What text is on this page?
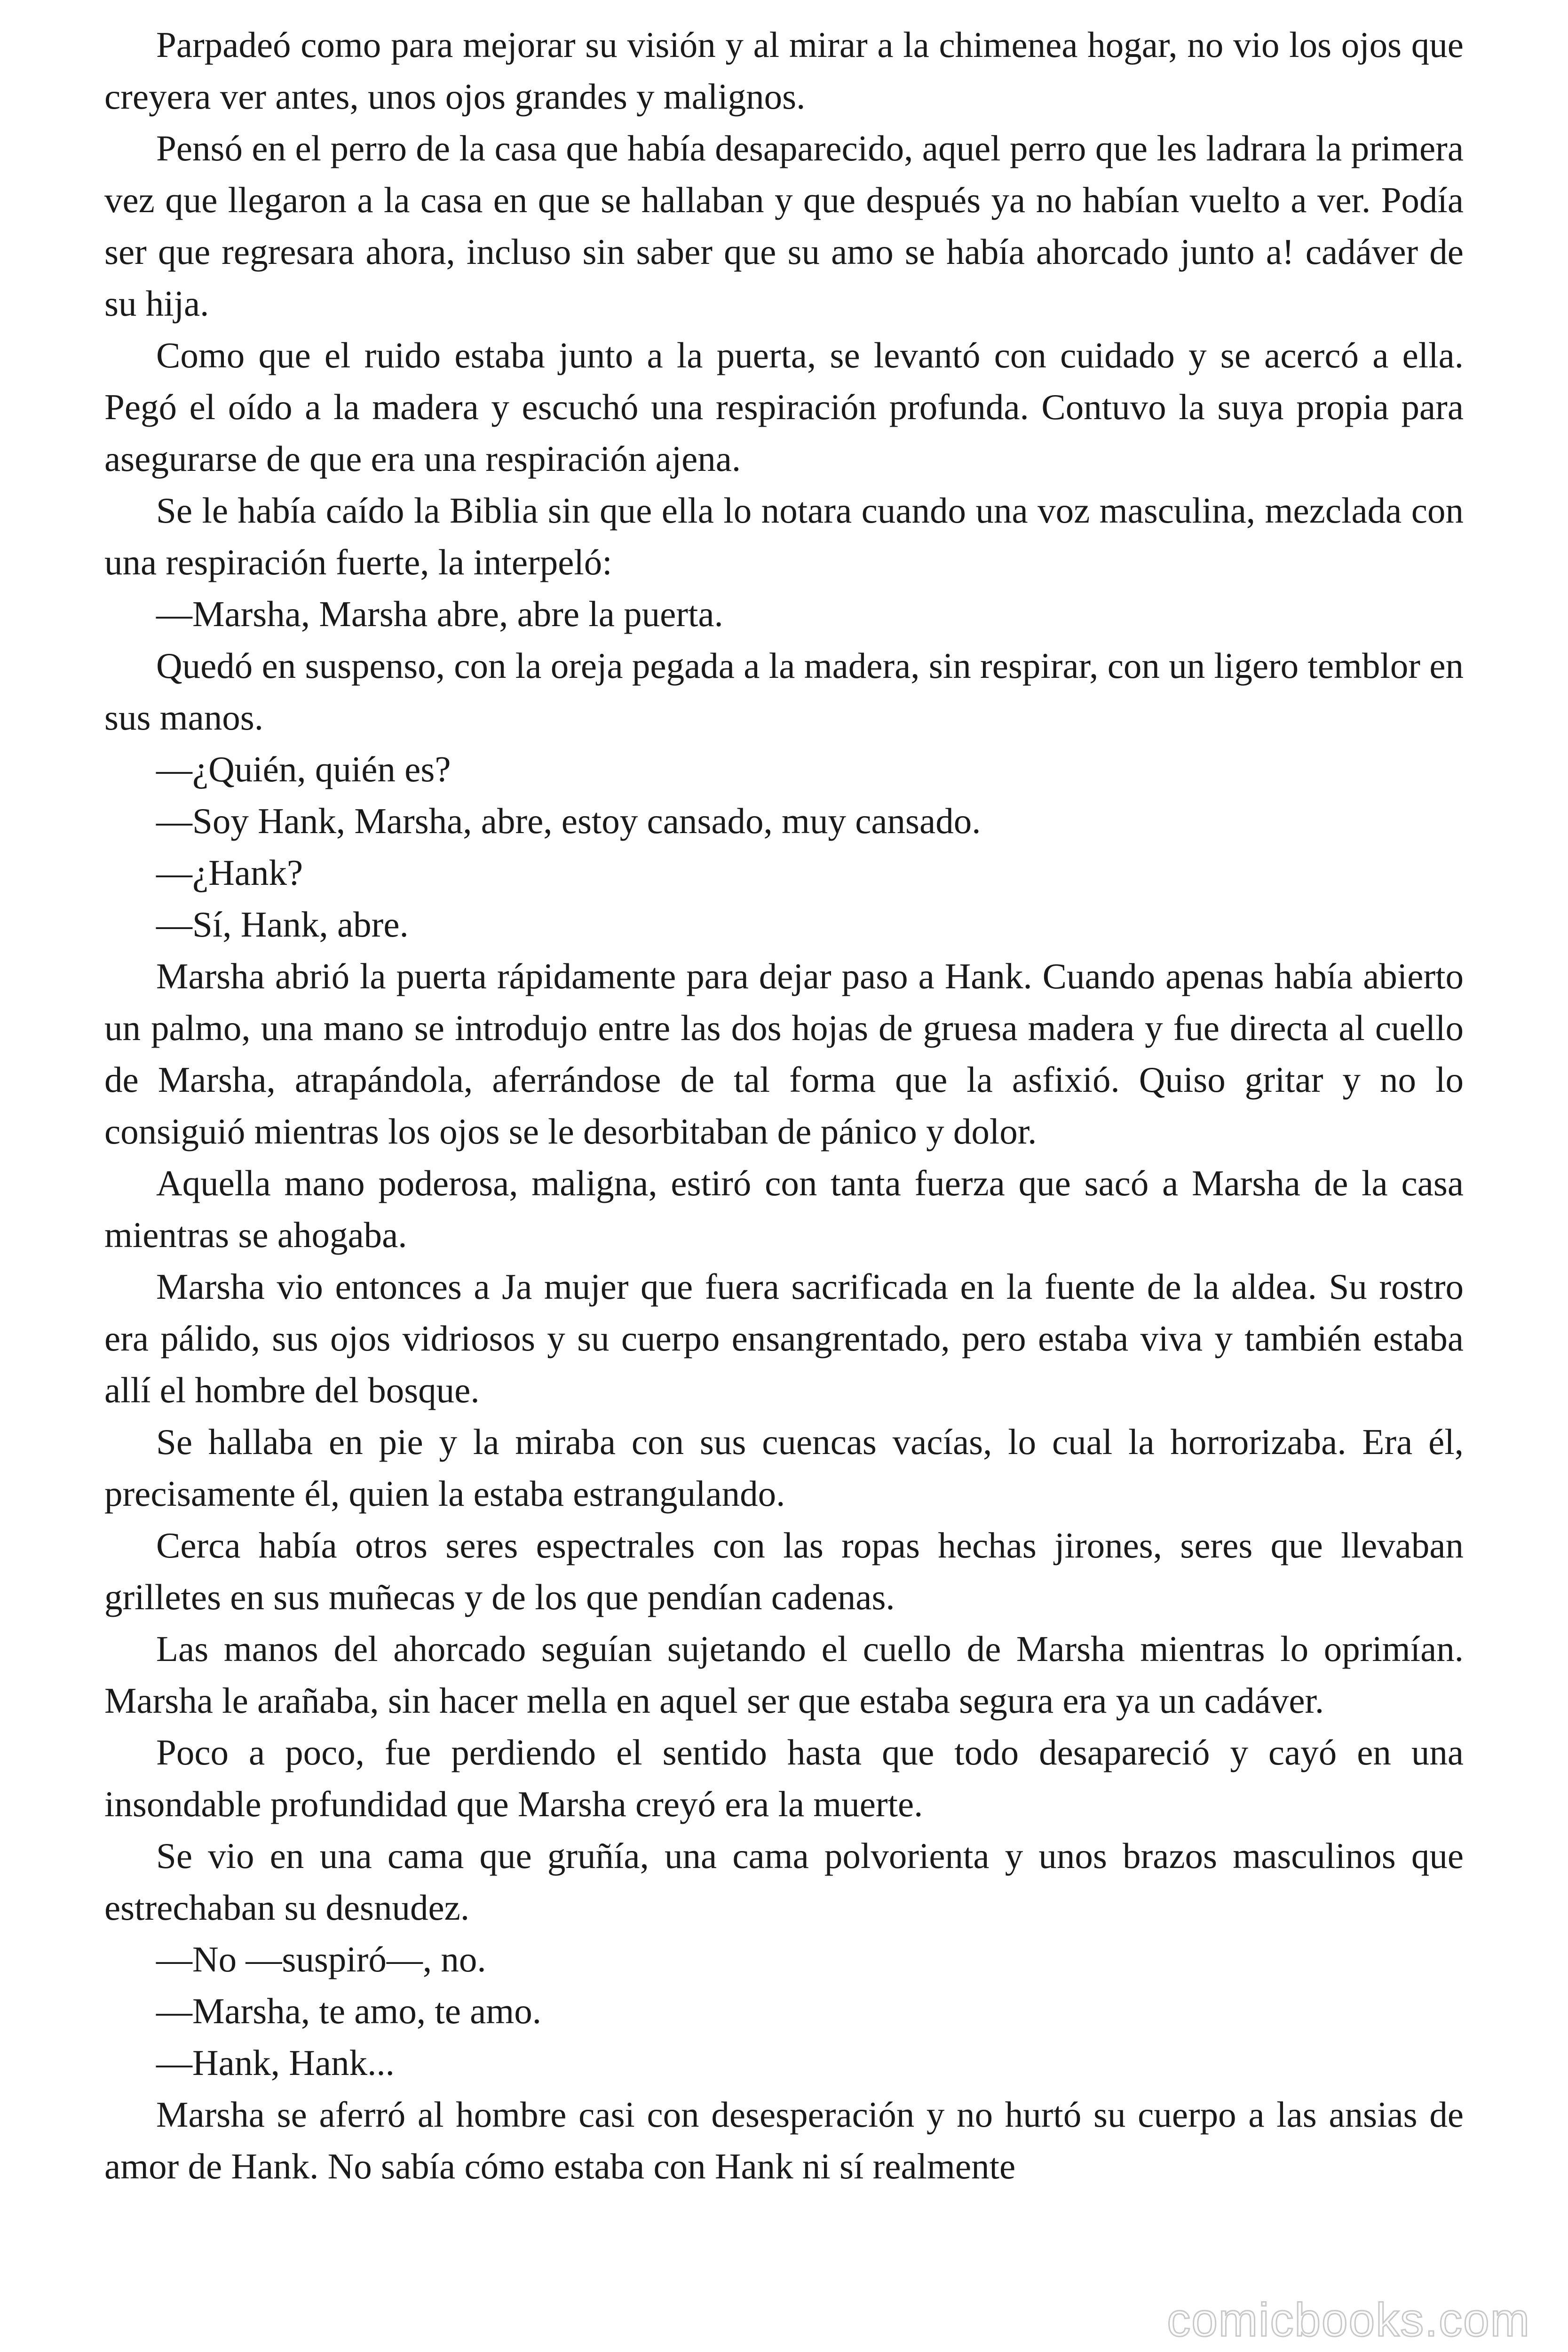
Parpadeó como para mejorar su visión y al mirar a la chimenea hogar, no vio los ojos que creyera ver antes, unos ojos grandes y malignos.

Pensó en el perro de la casa que había desaparecido, aquel perro que les ladrara la primera vez que llegaron a la casa en que se hallaban y que después ya no habían vuelto a ver. Podía ser que regresara ahora, incluso sin saber que su amo se había ahorcado junto a! cadáver de su hija.

Como que el ruido estaba junto a la puerta, se levantó con cuidado y se acercó a ella. Pegó el oído a la madera y escuchó una respiración profunda. Contuvo la suya propia para asegurarse de que era una respiración ajena.

Se le había caído la Biblia sin que ella lo notara cuando una voz masculina, mezclada con una respiración fuerte, la interpeló:

—Marsha, Marsha abre, abre la puerta.

Quedó en suspenso, con la oreja pegada a la madera, sin respirar, con un ligero temblor en sus manos.

—¿Quién, quién es?

—Soy Hank, Marsha, abre, estoy cansado, muy cansado.

—¿Hank?

—Sí, Hank, abre.

Marsha abrió la puerta rápidamente para dejar paso a Hank. Cuando apenas había abierto un palmo, una mano se introdujo entre las dos hojas de gruesa madera y fue directa al cuello de Marsha, atrapándola, aferrándose de tal forma que la asfixió. Quiso gritar y no lo consiguió mientras los ojos se le desorbitaban de pánico y dolor.

Aquella mano poderosa, maligna, estiró con tanta fuerza que sacó a Marsha de la casa mientras se ahogaba.

Marsha vio entonces a Ja mujer que fuera sacrificada en la fuente de la aldea. Su rostro era pálido, sus ojos vidriosos y su cuerpo ensangrentado, pero estaba viva y también estaba allí el hombre del bosque.

Se hallaba en pie y la miraba con sus cuencas vacías, lo cual la horrorizaba. Era él, precisamente él, quien la estaba estrangulando.

Cerca había otros seres espectrales con las ropas hechas jirones, seres que llevaban grilletes en sus muñecas y de los que pendían cadenas.

Las manos del ahorcado seguían sujetando el cuello de Marsha mientras lo oprimían. Marsha le arañaba, sin hacer mella en aquel ser que estaba segura era ya un cadáver.

Poco a poco, fue perdiendo el sentido hasta que todo desapareció y cayó en una insondable profundidad que Marsha creyó era la muerte.

Se vio en una cama que gruñía, una cama polvorienta y unos brazos masculinos que estrechaban su desnudez.

—No —suspiró—, no.

—Marsha, te amo, te amo.

—Hank, Hank...

Marsha se aferró al hombre casi con desesperación y no hurtó su cuerpo a las ansias de amor de Hank. No sabía cómo estaba con Hank ni sí realmente

comicbooks.com
